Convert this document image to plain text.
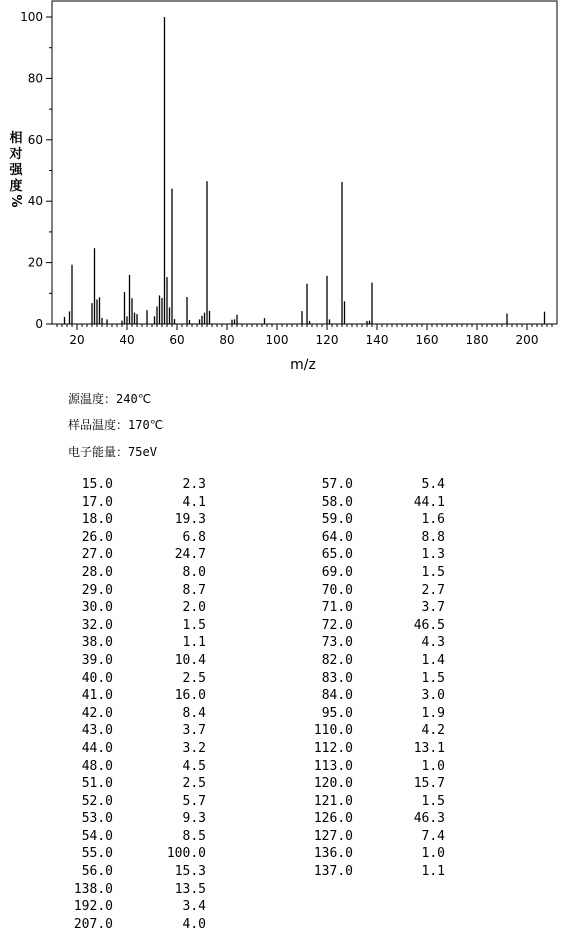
20	40	60	80	100 120 140 160 180 200
0
20
40
60
80
100
m/z
相
对
强
度
%
源温度：240℃
样品温度：170℃
电子能量：75eV
15.0	2.3
17.0	4.1
18.0	19.3
26.0	6.8
27.0	24.7
28.0	8.0
29.0	8.7
30.0	2.0
32.0	1.5
38.0	1.1
39.0	10.4
40.0	2.5
41.0	16.0
42.0	8.4
43.0	3.7
44.0	3.2
48.0	4.5
51.0	2.5
52.0	5.7
53.0	9.3
54.0	8.5
55.0	100.0
56.0	15.3
138.0	13.5
192.0	3.4
207.0	4.0
57.0	5.4
58.0	44.1
59.0	1.6
64.0	8.8
65.0	1.3
69.0	1.5
70.0	2.7
71.0	3.7
72.0	46.5
73.0	4.3
82.0	1.4
83.0	1.5
84.0	3.0
95.0	1.9
110.0	4.2
112.0	13.1
113.0	1.0
120.0	15.7
121.0	1.5
126.0	46.3
127.0	7.4
136.0	1.0
137.0	1.1
